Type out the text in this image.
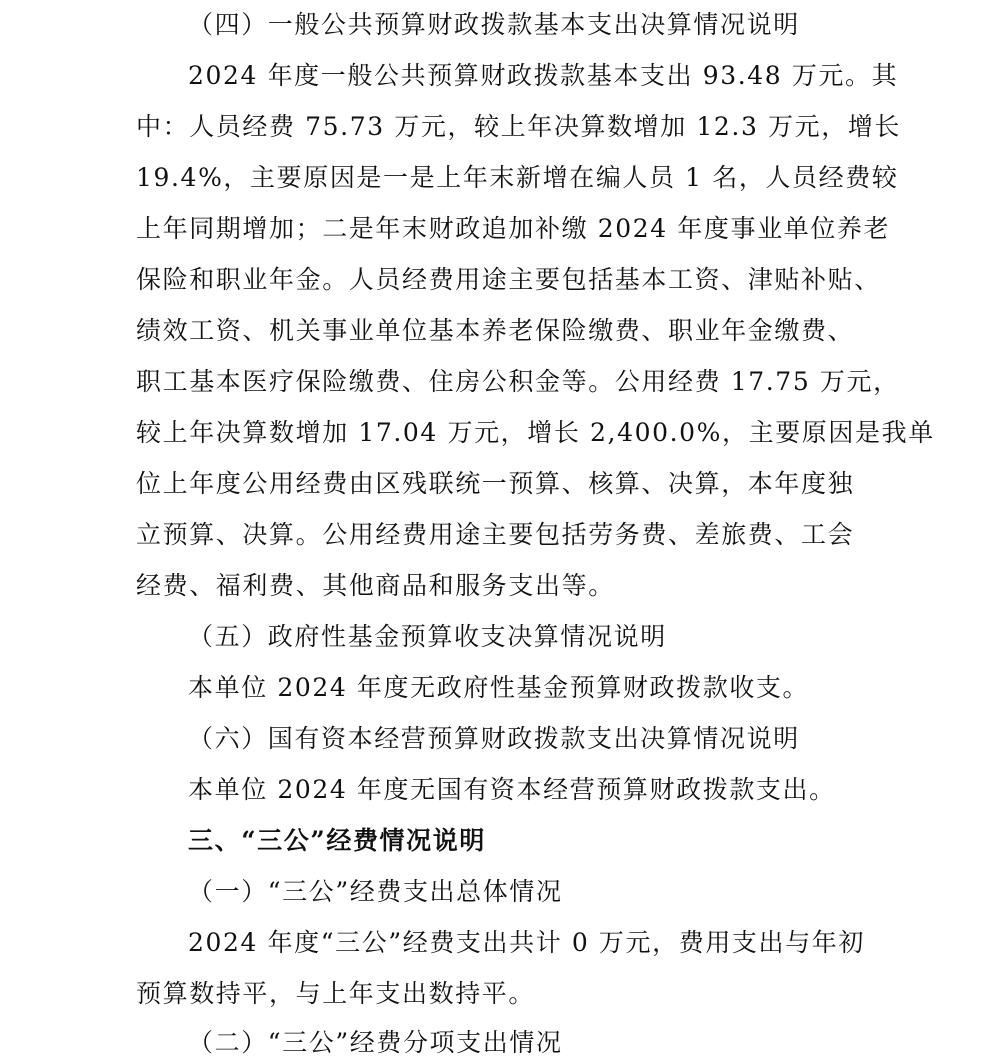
（四）一般公共预算财政拨款基本支出决算情况说明
2024 年度一般公共预算财政拨款基本支出 93.48 万元。其
中：人员经费 75.73 万元，较上年决算数增加 12.3 万元，增长
19.4%，主要原因是一是上年末新增在编人员 1 名，人员经费较
上年同期增加；二是年末财政追加补缴 2024 年度事业单位养老
保险和职业年金。人员经费用途主要包括基本工资、津贴补贴、
绩效工资、机关事业单位基本养老保险缴费、职业年金缴费、
职工基本医疗保险缴费、住房公积金等。公用经费 17.75 万元，
较上年决算数增加 17.04 万元，增长 2,400.0%，主要原因是我单
位上年度公用经费由区残联统一预算、核算、决算，本年度独
立预算、决算。公用经费用途主要包括劳务费、差旅费、工会
经费、福利费、其他商品和服务支出等。
（五）政府性基金预算收支决算情况说明
本单位 2024 年度无政府性基金预算财政拨款收支。
（六）国有资本经营预算财政拨款支出决算情况说明
本单位 2024 年度无国有资本经营预算财政拨款支出。
三、“三公”经费情况说明
（一）“三公”经费支出总体情况
2024 年度“三公”经费支出共计 0 万元，费用支出与年初
预算数持平，与上年支出数持平。
（二）“三公”经费分项支出情况
